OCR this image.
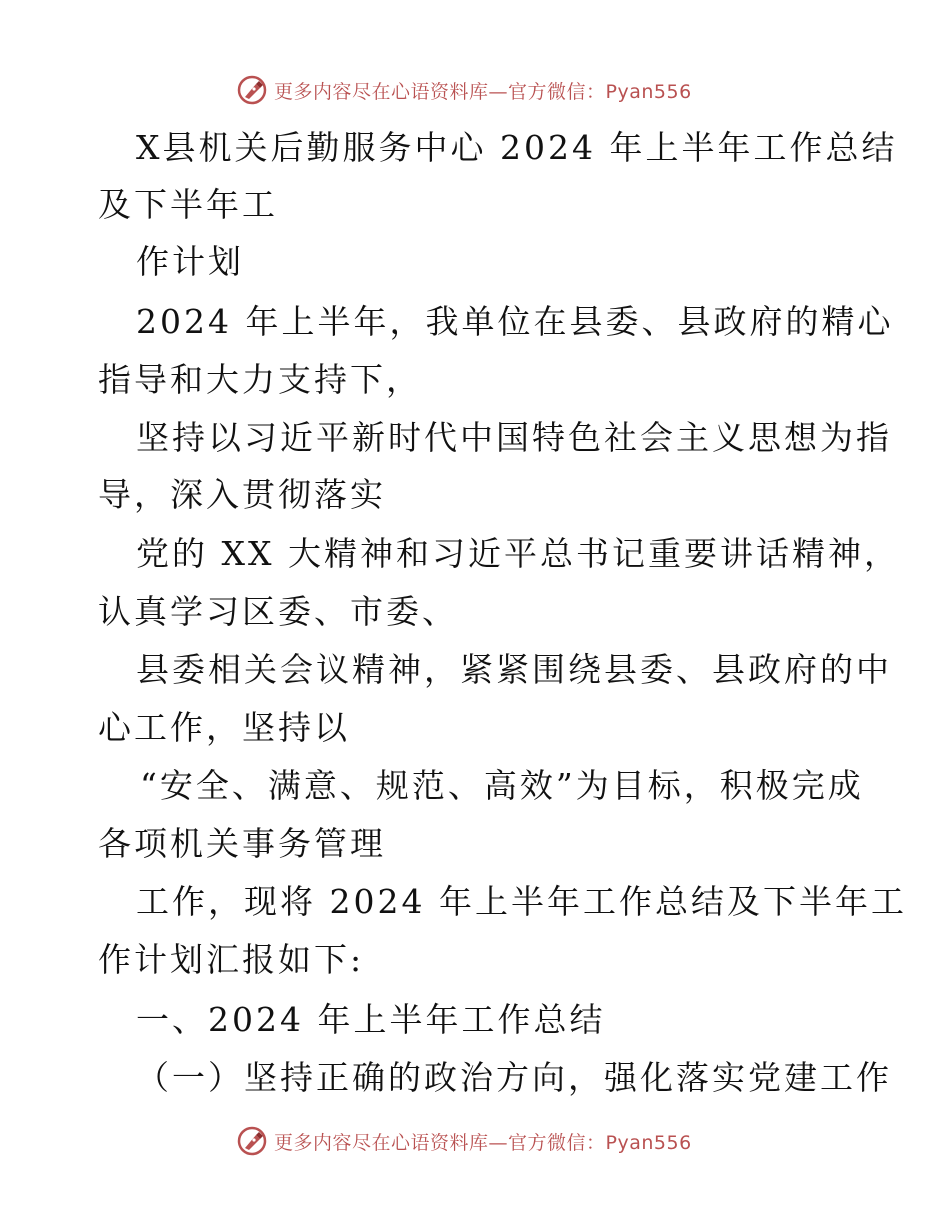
更多内容尽在心语资料库—官方微信：Pyan556
X县机关后勤服务中心 2024 年上半年工作总结
及下半年工
作计划
2024 年上半年，我单位在县委、县政府的精心
指导和大力支持下，
坚持以习近平新时代中国特色社会主义思想为指
导，深入贯彻落实
党的 XX 大精神和习近平总书记重要讲话精神，
认真学习区委、市委、
县委相关会议精神，紧紧围绕县委、县政府的中
心工作，坚持以
“安全、满意、规范、高效”为目标，积极完成
各项机关事务管理
工作，现将 2024 年上半年工作总结及下半年工
作计划汇报如下:
一、2024 年上半年工作总结
（一）坚持正确的政治方向，强化落实党建工作
更多内容尽在心语资料库—官方微信：Pyan556
